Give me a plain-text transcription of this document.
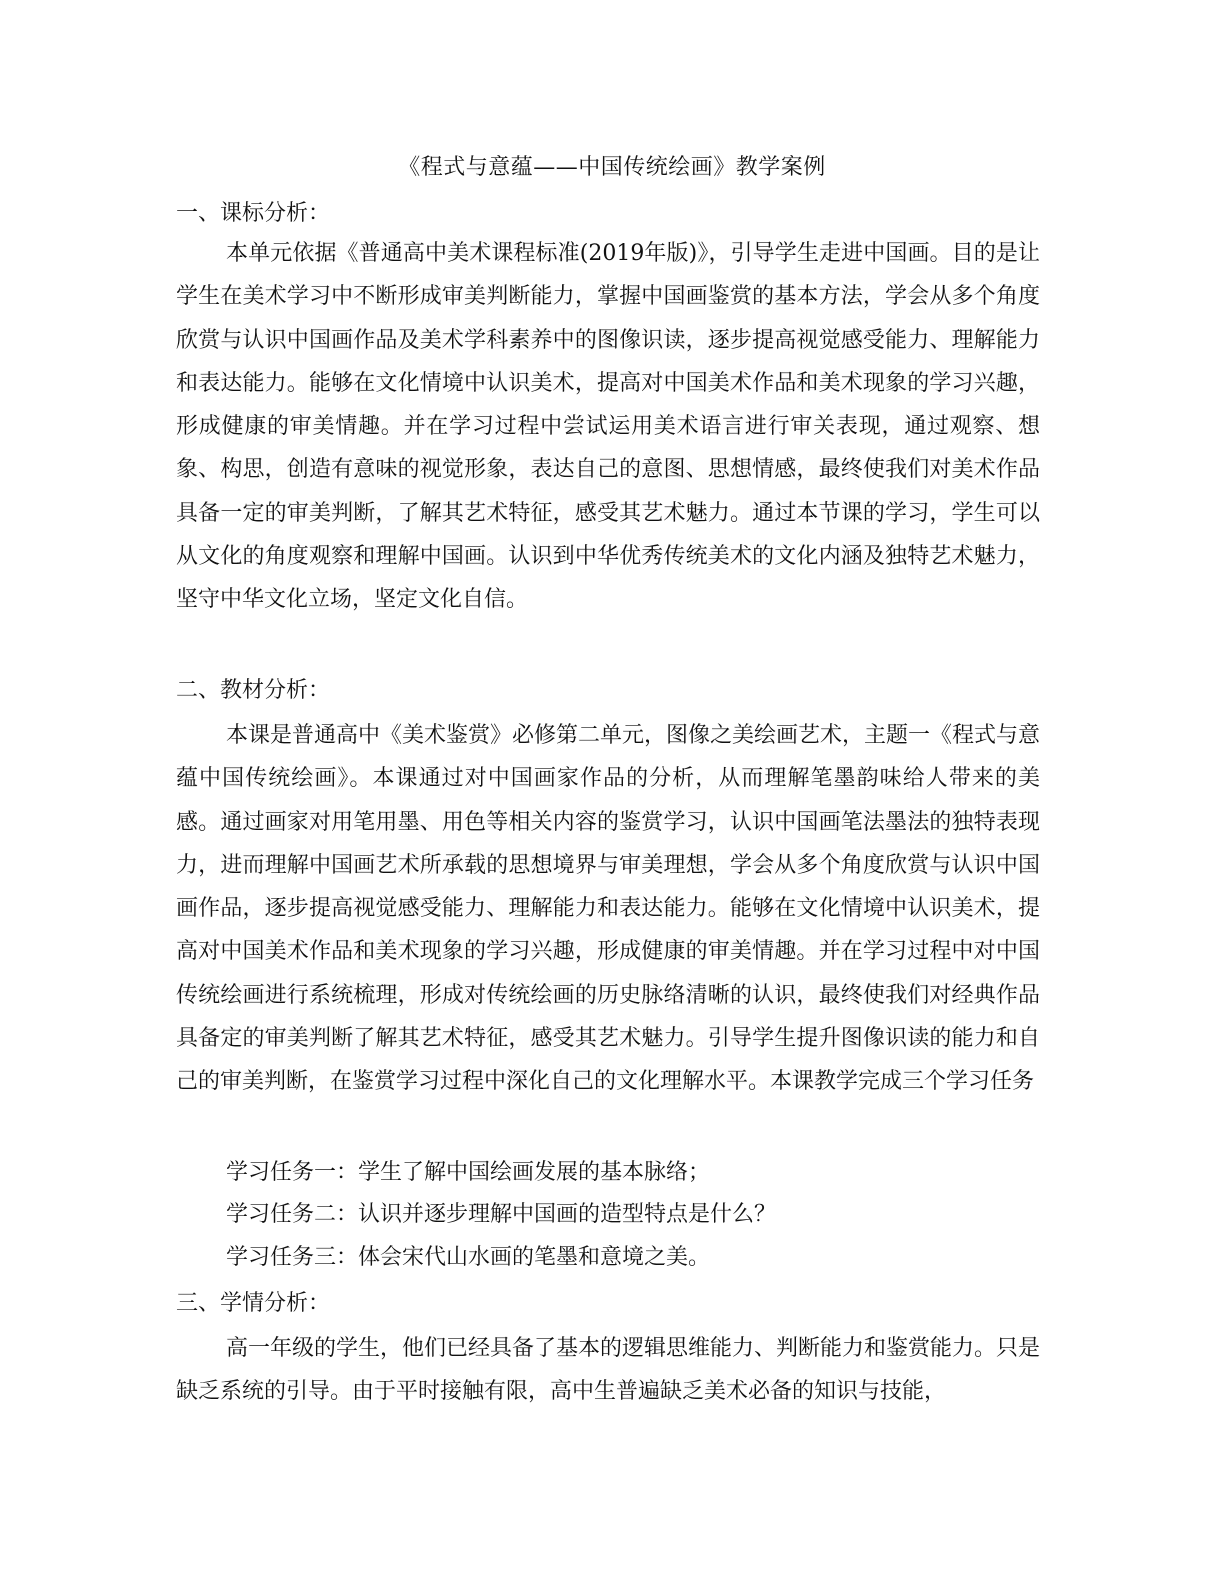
《程式与意蕴——中国传统绘画》教学案例
一、课标分析：

本单元依据《普通高中美术课程标准(2019年版)》，引导学生走进中国画。目的是让学生在美术学习中不断形成审美判断能力，掌握中国画鉴赏的基本方法，学会从多个角度欣赏与认识中国画作品及美术学科素养中的图像识读，逐步提高视觉感受能力、理解能力和表达能力。能够在文化情境中认识美术，提高对中国美术作品和美术现象的学习兴趣，形成健康的审美情趣。并在学习过程中尝试运用美术语言进行审关表现，通过观察、想象、构思，创造有意味的视觉形象，表达自己的意图、思想情感，最终使我们对美术作品具备一定的审美判断，了解其艺术特征，感受其艺术魅力。通过本节课的学习，学生可以从文化的角度观察和理解中国画。认识到中华优秀传统美术的文化内涵及独特艺术魅力，坚守中华文化立场，坚定文化自信。

二、教材分析：

本课是普通高中《美术鉴赏》必修第二单元，图像之美绘画艺术，主题一《程式与意蕴中国传统绘画》。本课通过对中国画家作品的分析，从而理解笔墨韵味给人带来的美感。通过画家对用笔用墨、用色等相关内容的鉴赏学习，认识中国画笔法墨法的独特表现力，进而理解中国画艺术所承载的思想境界与审美理想，学会从多个角度欣赏与认识中国画作品，逐步提高视觉感受能力、理解能力和表达能力。能够在文化情境中认识美术，提高对中国美术作品和美术现象的学习兴趣，形成健康的审美情趣。并在学习过程中对中国传统绘画进行系统梳理，形成对传统绘画的历史脉络清晰的认识，最终使我们对经典作品具备定的审美判断了解其艺术特征，感受其艺术魅力。引导学生提升图像识读的能力和自己的审美判断，在鉴赏学习过程中深化自己的文化理解水平。本课教学完成三个学习任务

学习任务一：学生了解中国绘画发展的基本脉络；
学习任务二：认识并逐步理解中国画的造型特点是什么？
学习任务三：体会宋代山水画的笔墨和意境之美。
三、学情分析：

高一年级的学生，他们已经具备了基本的逻辑思维能力、判断能力和鉴赏能力。只是缺乏系统的引导。由于平时接触有限，高中生普遍缺乏美术必备的知识与技能，
